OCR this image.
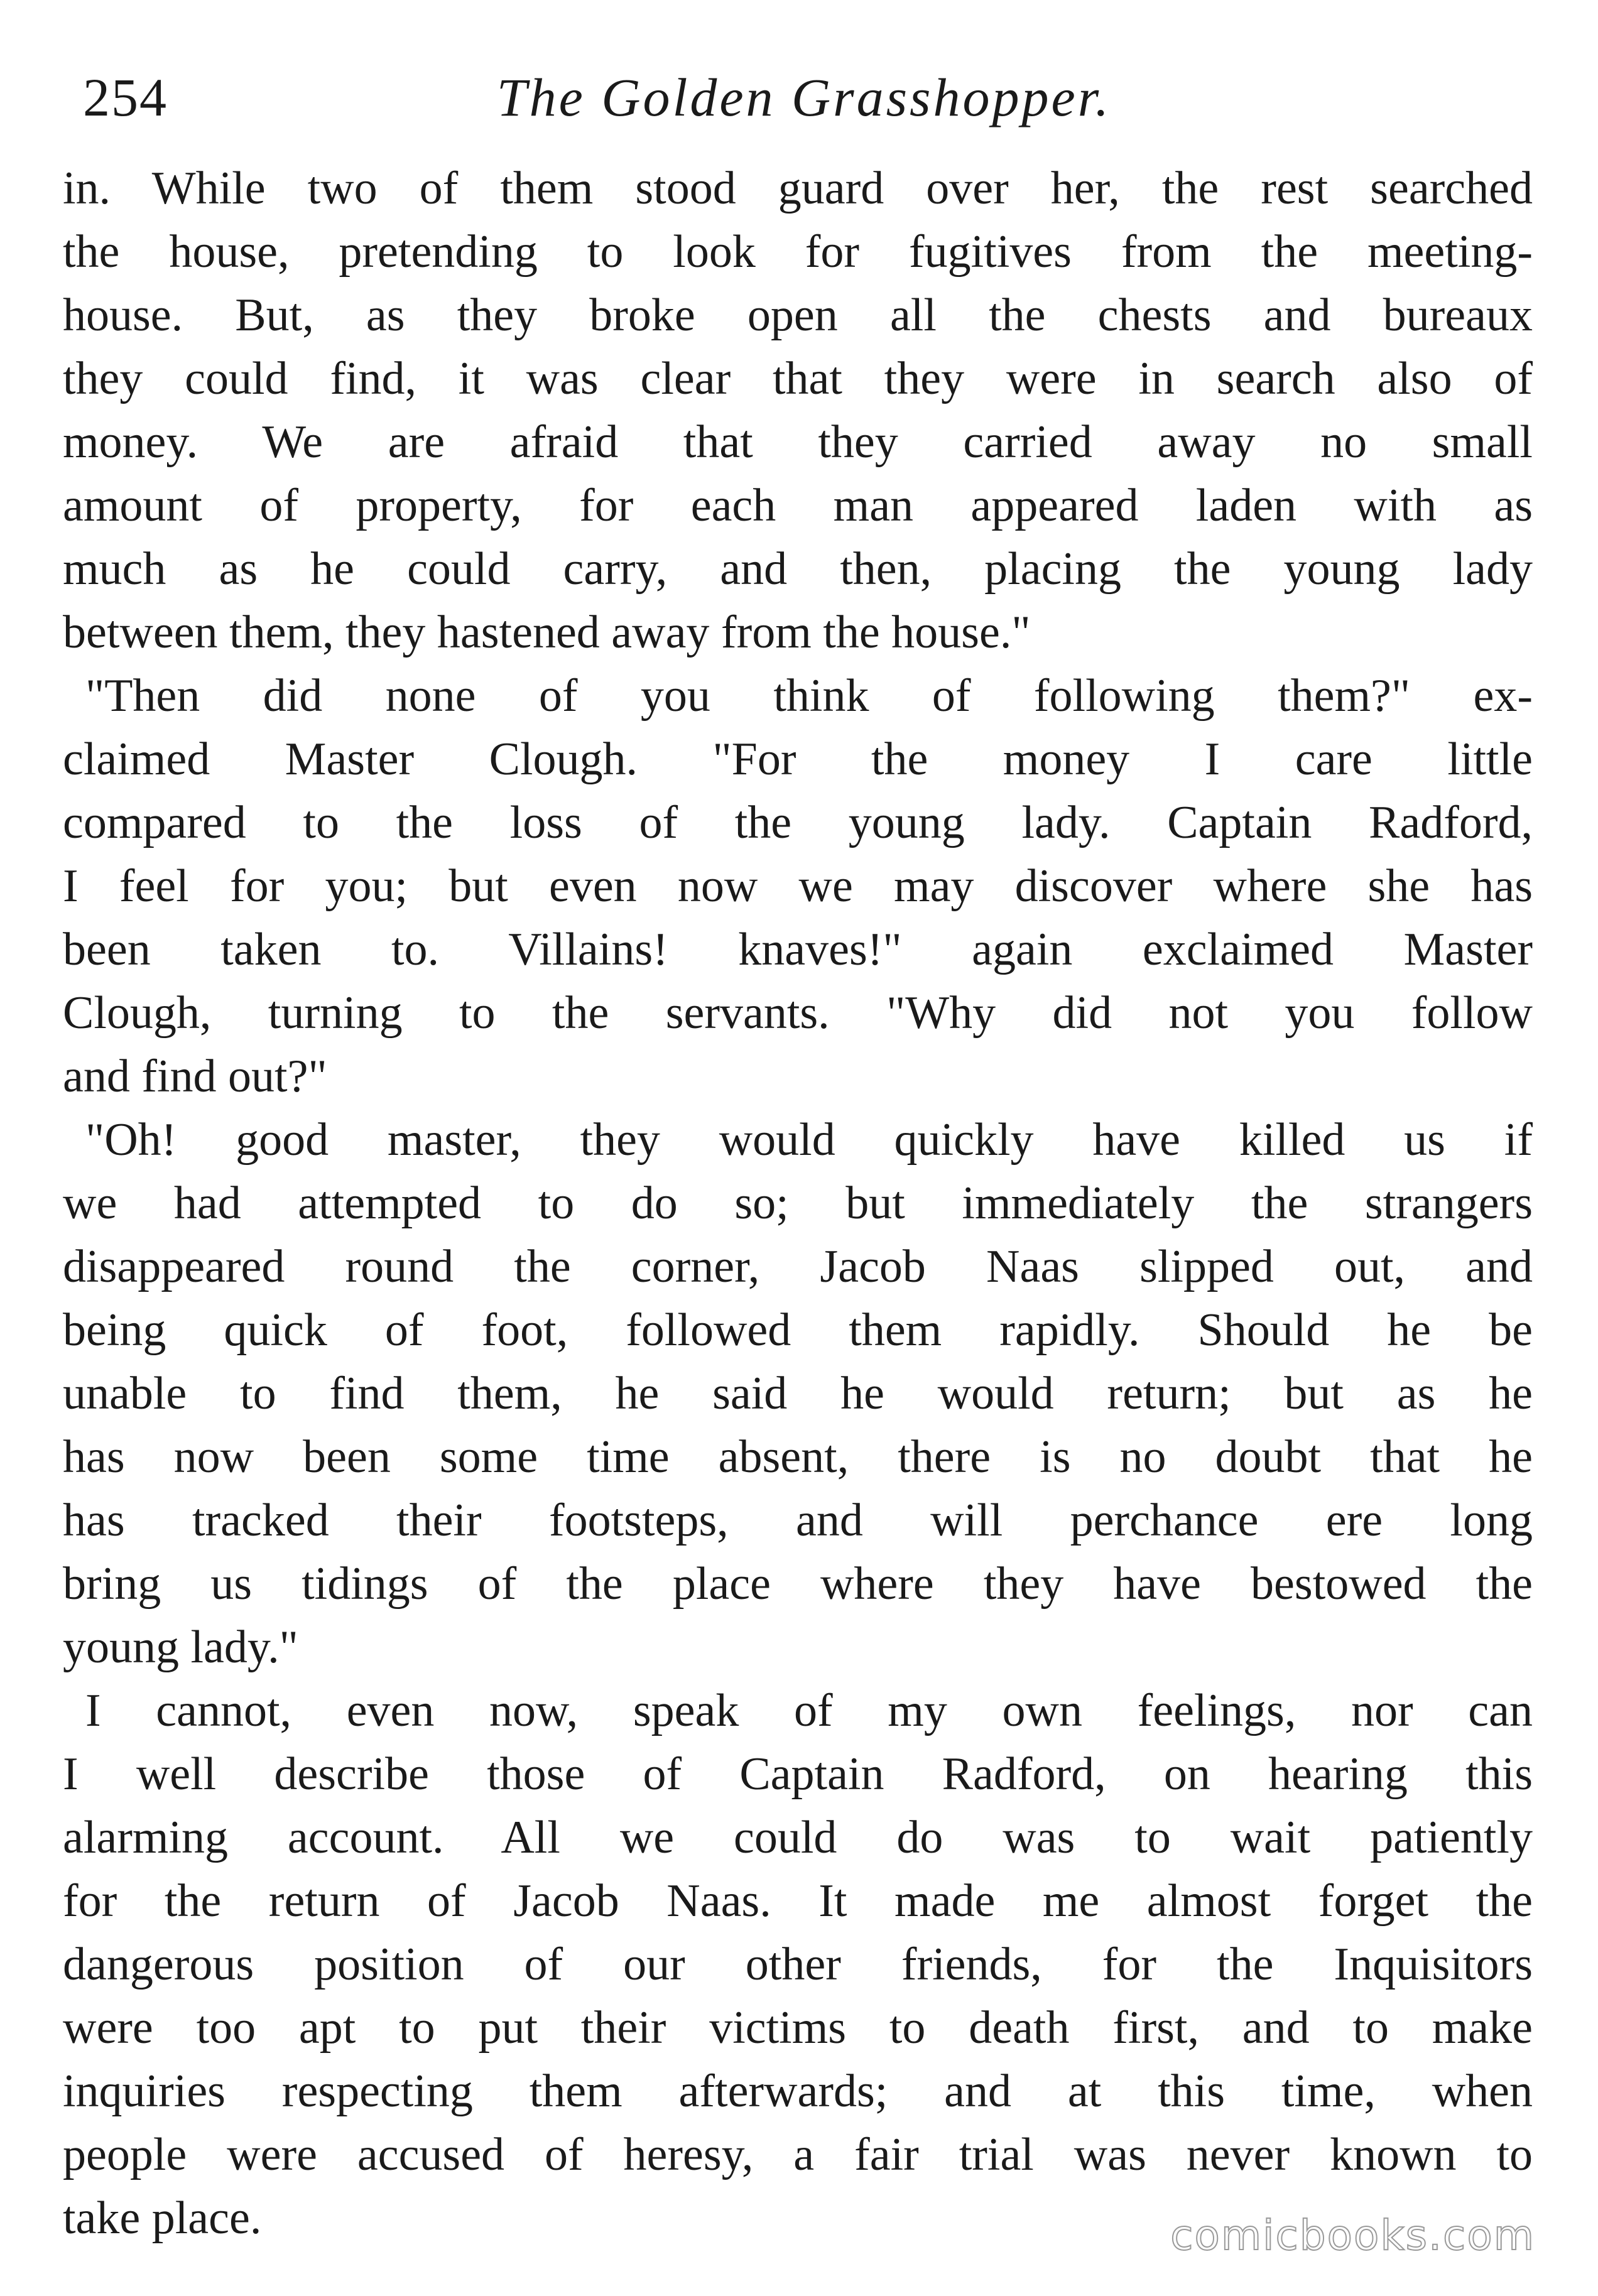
254	The Golden Grasshopper.
in. While two of them stood guard over her, the rest searched
the house, pretending to look for fugitives from the meeting-
house. But, as they broke open all the chests and bureaux
they could find, it was clear that they were in search also of
money. We are afraid that they carried away no small
amount of property, for each man appeared laden with as
much as he could carry, and then, placing the young lady
between them, they hastened away from the house."
"Then did none of you think of following them?" ex-
claimed Master Clough. "For the money I care little
compared to the loss of the young lady. Captain Radford,
I feel for you; but even now we may discover where she has
been taken to. Villains! knaves!" again exclaimed Master
Clough, turning to the servants. "Why did not you follow
and find out?"
"Oh! good master, they would quickly have killed us if
we had attempted to do so; but immediately the strangers
disappeared round the corner, Jacob Naas slipped out, and
being quick of foot, followed them rapidly. Should he be
unable to find them, he said he would return; but as he
has now been some time absent, there is no doubt that he
has tracked their footsteps, and will perchance ere long
bring us tidings of the place where they have bestowed the
young lady."
I cannot, even now, speak of my own feelings, nor can
I well describe those of Captain Radford, on hearing this
alarming account. All we could do was to wait patiently
for the return of Jacob Naas. It made me almost forget the
dangerous position of our other friends, for the Inquisitors
were too apt to put their victims to death first, and to make
inquiries respecting them afterwards; and at this time, when
people were accused of heresy, a fair trial was never known to
take place.	comicbooks.com
